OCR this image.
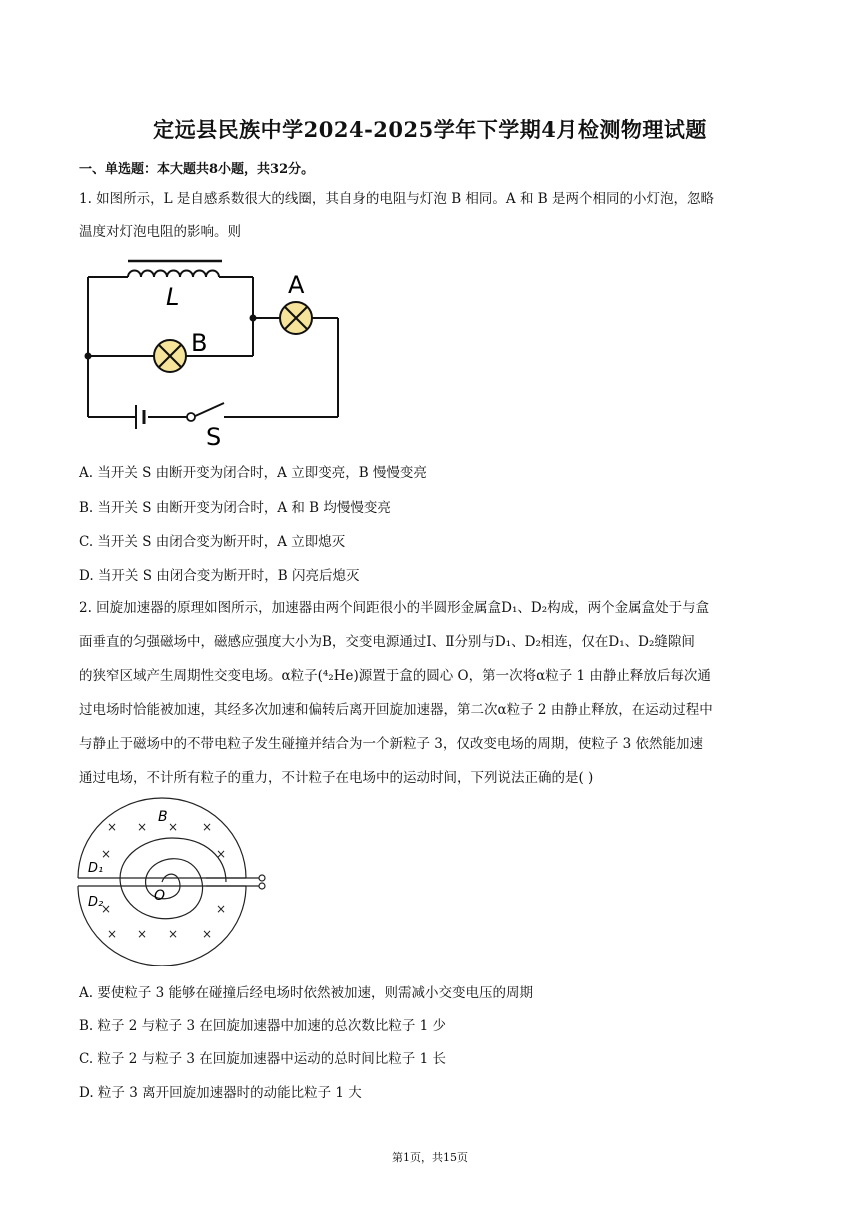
定远县民族中学2024-2025学年下学期4月检测物理试题
一、单选题：本大题共8小题，共32分。
1. 如图所示，L 是自感系数很大的线圈，其自身的电阻与灯泡 B 相同。A 和 B 是两个相同的小灯泡，忽略
温度对灯泡电阻的影响。则
L	A
B
S
A. 当开关 S 由断开变为闭合时，A 立即变亮，B 慢慢变亮
B. 当开关 S 由断开变为闭合时，A 和 B 均慢慢变亮
C. 当开关 S 由闭合变为断开时，A 立即熄灭
D. 当开关 S 由闭合变为断开时，B 闪亮后熄灭
2. 回旋加速器的原理如图所示，加速器由两个间距很小的半圆形金属盒D₁、D₂构成，两个金属盒处于与盒
面垂直的匀强磁场中，磁感应强度大小为B，交变电源通过Ⅰ、Ⅱ分别与D₁、D₂相连，仅在D₁、D₂缝隙间
的狭窄区域产生周期性交变电场。α粒子(⁴₂He)源置于盒的圆心 O，第一次将α粒子 1 由静止释放后每次通
过电场时恰能被加速，其经多次加速和偏转后离开回旋加速器，第二次α粒子 2 由静止释放，在运动过程中
与静止于磁场中的不带电粒子发生碰撞并结合为一个新粒子 3，仅改变电场的周期，使粒子 3 依然能加速
通过电场，不计所有粒子的重力，不计粒子在电场中的运动时间，下列说法正确的是( )
× × × ×
×	×
×	×
× × × ×
B
D₁
D₂	O
A. 要使粒子 3 能够在碰撞后经电场时依然被加速，则需减小交变电压的周期
B. 粒子 2 与粒子 3 在回旋加速器中加速的总次数比粒子 1 少
C. 粒子 2 与粒子 3 在回旋加速器中运动的总时间比粒子 1 长
D. 粒子 3 离开回旋加速器时的动能比粒子 1 大
第1页，共15页
